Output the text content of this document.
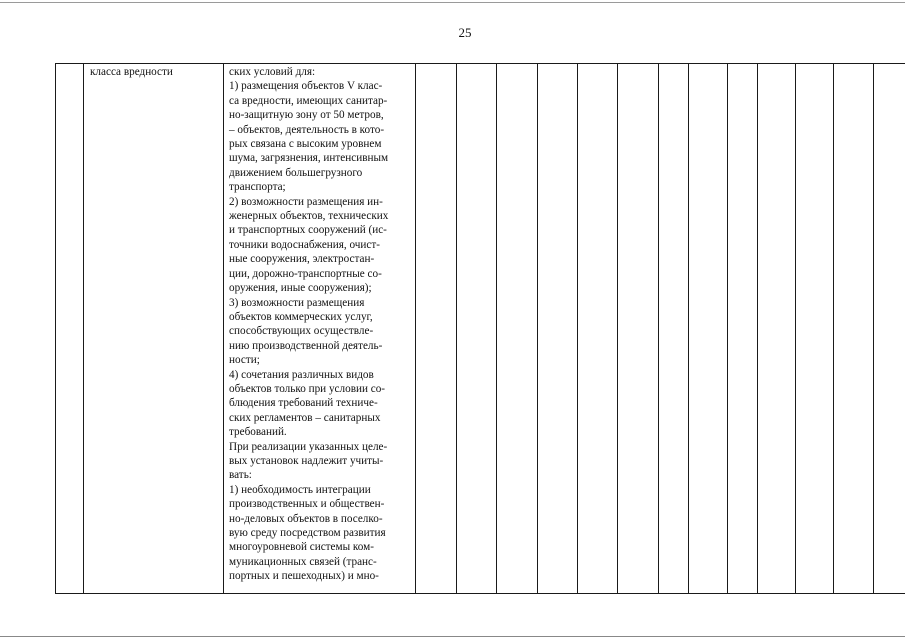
25

класса вредности	ских условий для:
1) размещения объектов V клас-
са вредности, имеющих санитар-
но-защитную зону от 50 метров,
– объектов, деятельность в кото-
рых связана с высоким уровнем
шума, загрязнения, интенсивным
движением большегрузного
транспорта;
2) возможности размещения ин-
женерных объектов, технических
и транспортных сооружений (ис-
точники водоснабжения, очист-
ные сооружения, электростан-
ции, дорожно-транспортные со-
оружения, иные сооружения);
3) возможности размещения
объектов коммерческих услуг,
способствующих осуществле-
нию производственной деятель-
ности;
4) сочетания различных видов
объектов только при условии со-
блюдения требований техниче-
ских регламентов – санитарных
требований.
При реализации указанных целе-
вых установок надлежит учиты-
вать:
1) необходимость интеграции
производственных и обществен-
но-деловых объектов в поселко-
вую среду посредством развития
многоуровневой системы ком-
муникационных связей (транс-
портных и пешеходных) и мно-
